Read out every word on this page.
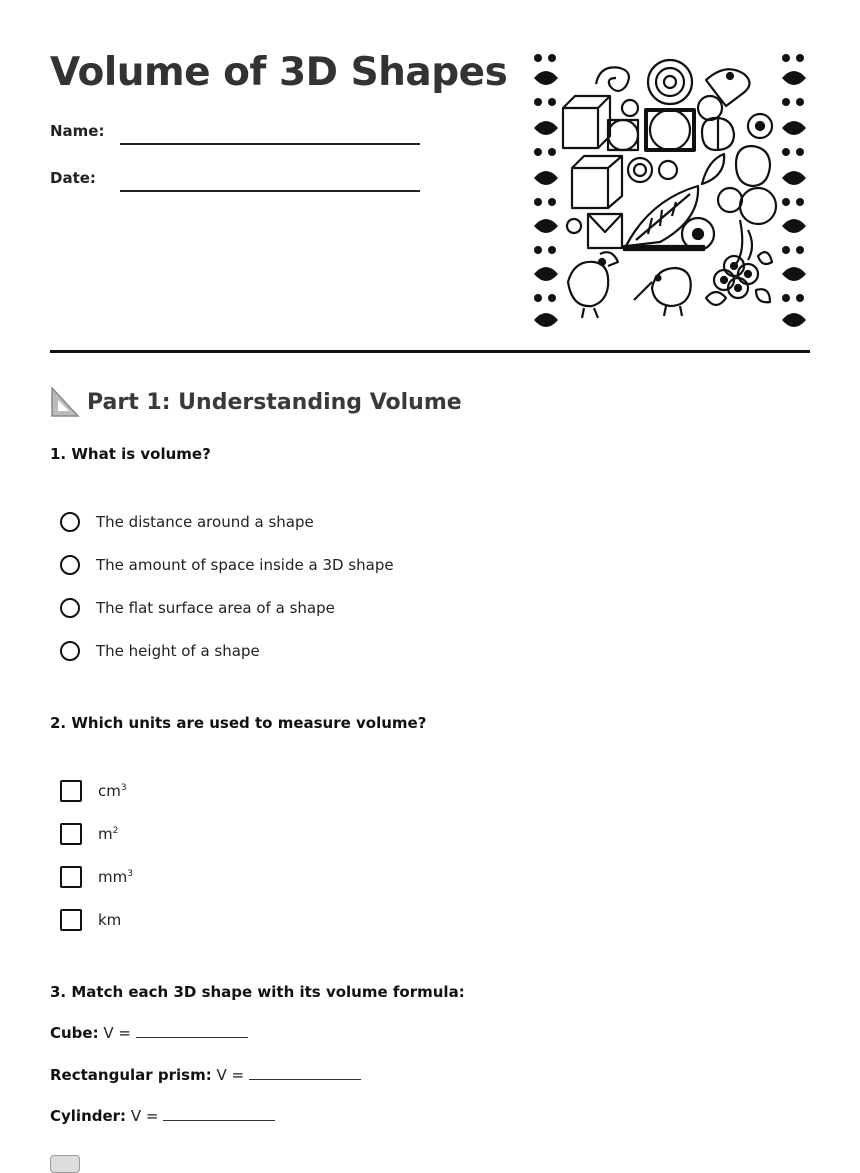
Volume of 3D Shapes
Name:
Date:
Part 1: Understanding Volume

1. What is volume?

The distance around a shape
The amount of space inside a 3D shape
The flat surface area of a shape
The height of a shape

2. Which units are used to measure volume?

$cm^3$
$m^2$
$mm^3$
km

3. Match each 3D shape with its volume formula:

Cube: V =
Rectangular prism: V =
Cylinder: V =
